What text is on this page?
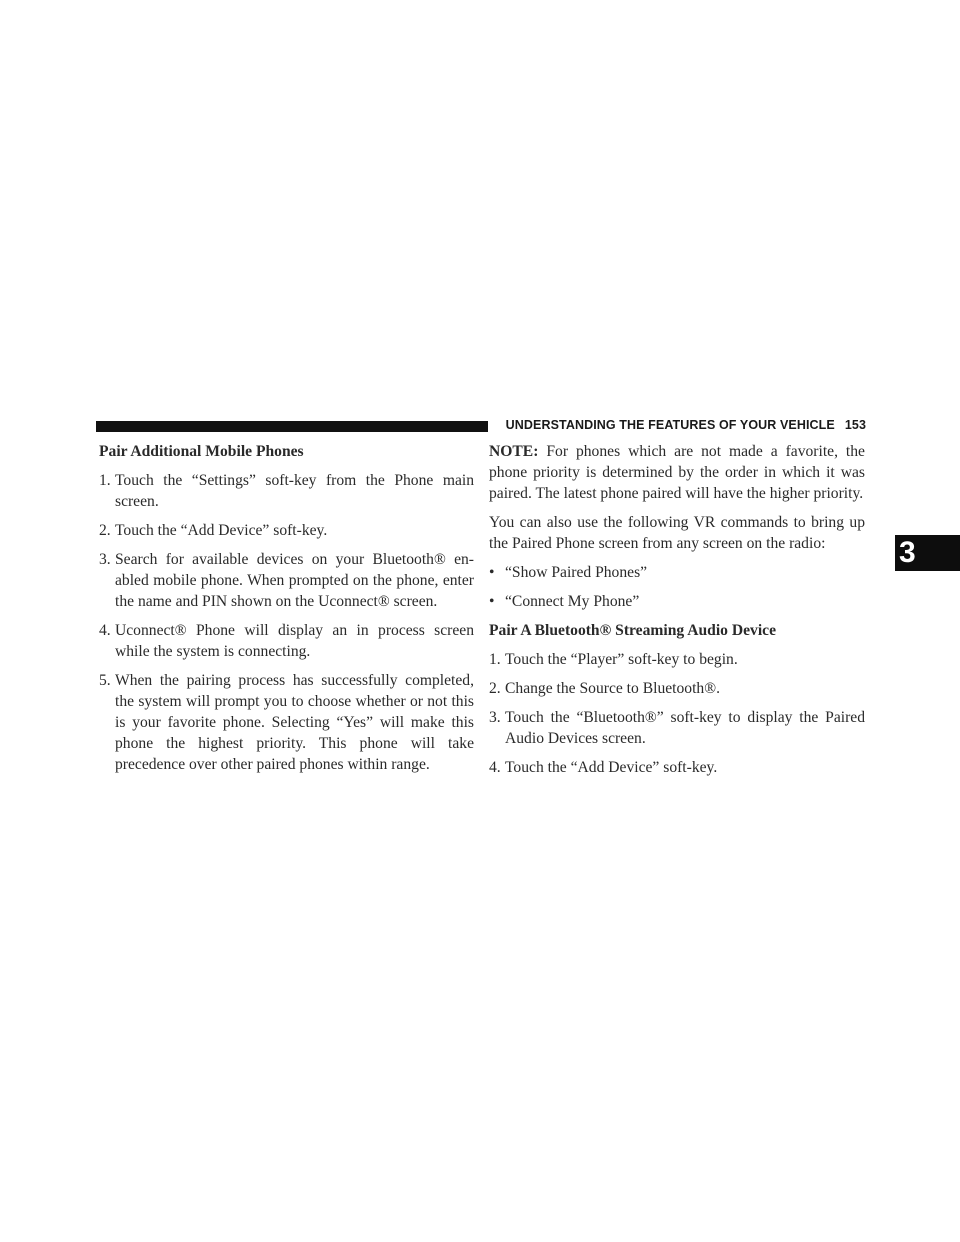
UNDERSTANDING THE FEATURES OF YOUR VEHICLE 153
3
Pair Additional Mobile Phones
1. Touch the “Settings” soft-key from the Phone main screen.
2. Touch the “Add Device” soft-key.
3. Search for available devices on your Bluetooth® en-abled mobile phone. When prompted on the phone, enter the name and PIN shown on the Uconnect® screen.
4. Uconnect® Phone will display an in process screen while the system is connecting.
5. When the pairing process has successfully completed, the system will prompt you to choose whether or not this is your favorite phone. Selecting “Yes” will make this phone the highest priority. This phone will take precedence over other paired phones within range.

NOTE: For phones which are not made a favorite, the phone priority is determined by the order in which it was paired. The latest phone paired will have the higher priority.

You can also use the following VR commands to bring up the Paired Phone screen from any screen on the radio:

• “Show Paired Phones”
• “Connect My Phone”
Pair A Bluetooth® Streaming Audio Device
1. Touch the “Player” soft-key to begin.
2. Change the Source to Bluetooth®.
3. Touch the “Bluetooth®” soft-key to display the Paired Audio Devices screen.
4. Touch the “Add Device” soft-key.
